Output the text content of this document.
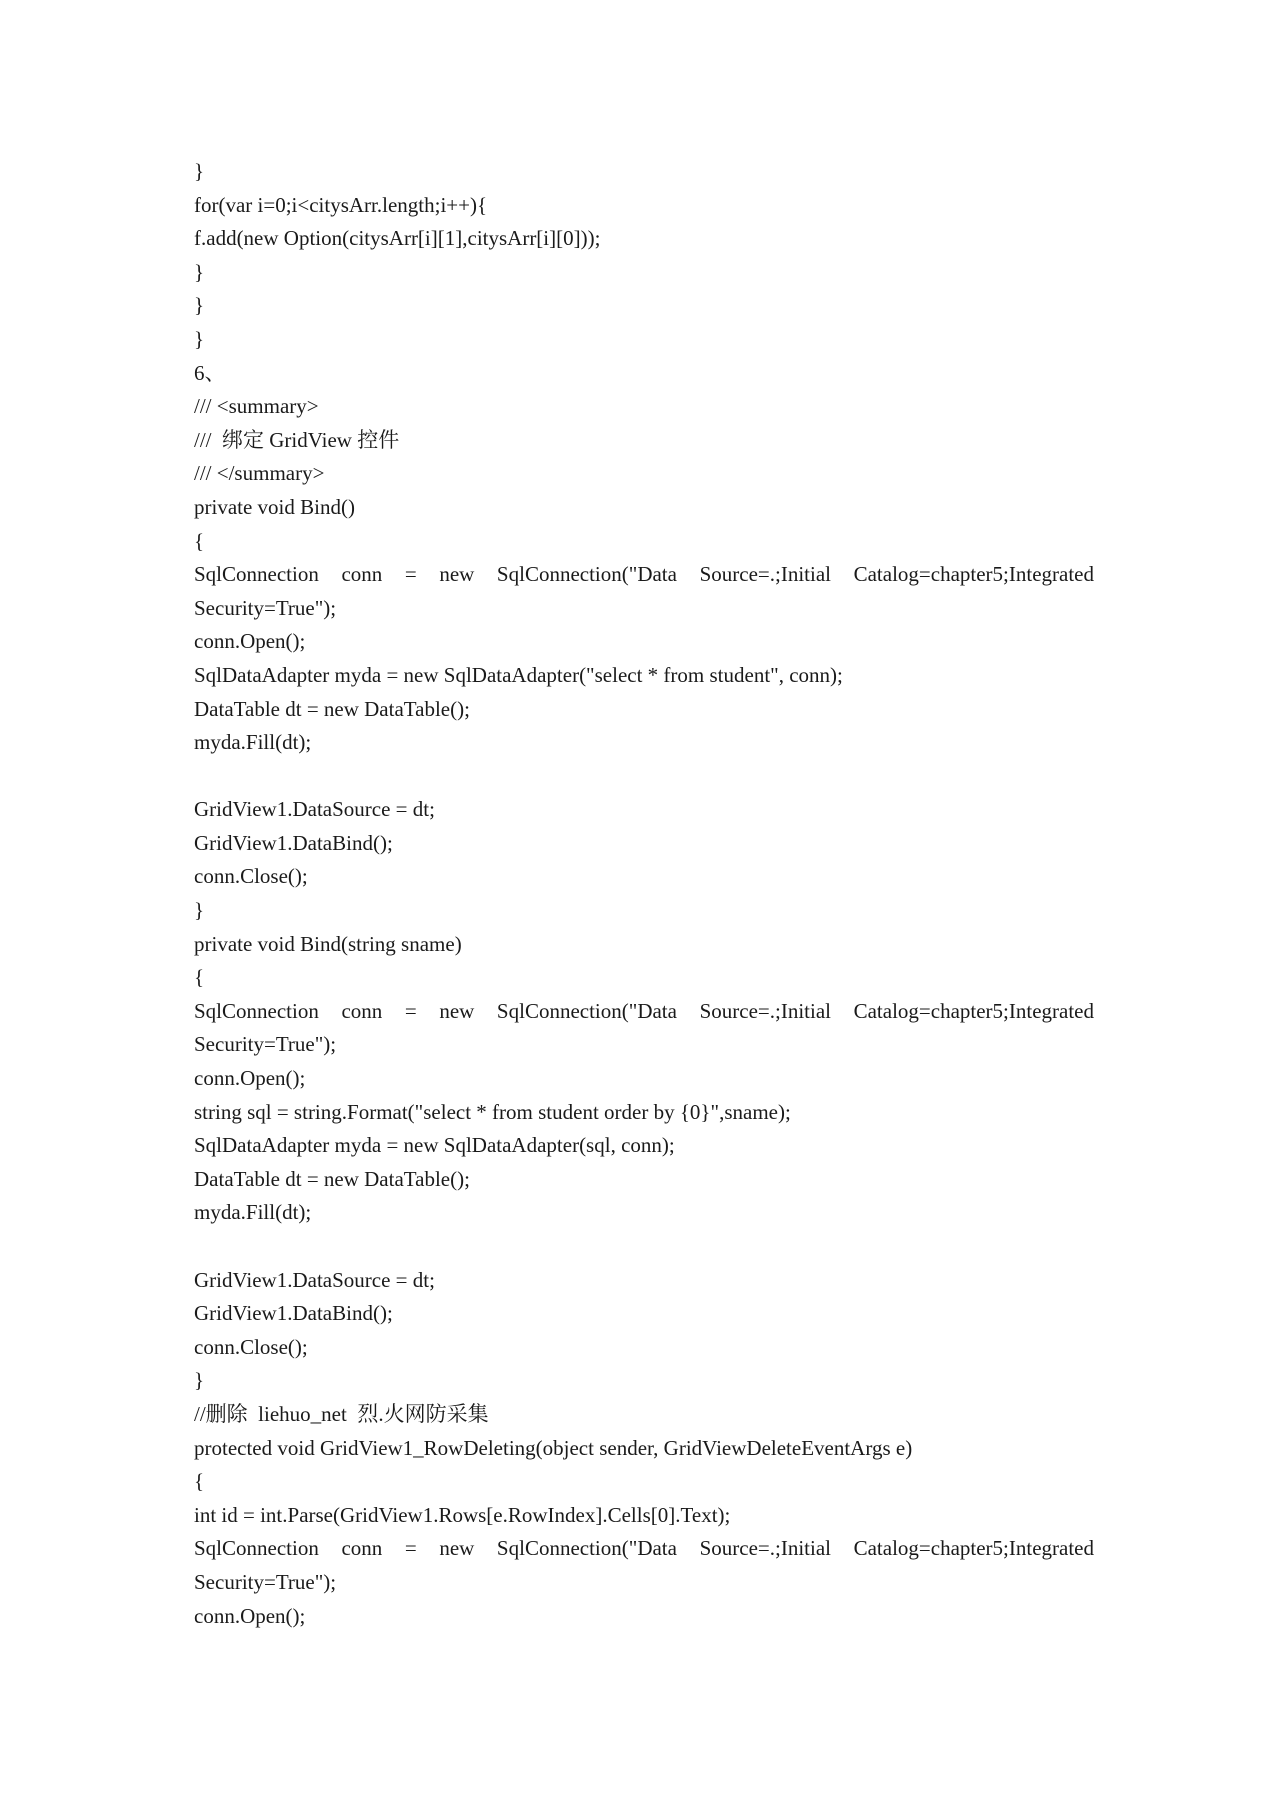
}
for(var i=0;i<citysArr.length;i++){
f.add(new Option(citysArr[i][1],citysArr[i][0]));
}
}
}
6、
/// <summary>
///  绑定 GridView 控件
/// </summary>
private void Bind()
{
SqlConnection conn = new SqlConnection("Data Source=.;Initial Catalog=chapter5;Integrated
Security=True");
conn.Open();
SqlDataAdapter myda = new SqlDataAdapter("select * from student", conn);
DataTable dt = new DataTable();
myda.Fill(dt);
GridView1.DataSource = dt;
GridView1.DataBind();
conn.Close();
}
private void Bind(string sname)
{
SqlConnection conn = new SqlConnection("Data Source=.;Initial Catalog=chapter5;Integrated
Security=True");
conn.Open();
string sql = string.Format("select * from student order by {0}",sname);
SqlDataAdapter myda = new SqlDataAdapter(sql, conn);
DataTable dt = new DataTable();
myda.Fill(dt);
GridView1.DataSource = dt;
GridView1.DataBind();
conn.Close();
}
//删除  liehuo_net  烈.火网防采集
protected void GridView1_RowDeleting(object sender, GridViewDeleteEventArgs e)
{
int id = int.Parse(GridView1.Rows[e.RowIndex].Cells[0].Text);
SqlConnection conn = new SqlConnection("Data Source=.;Initial Catalog=chapter5;Integrated
Security=True");
conn.Open();
